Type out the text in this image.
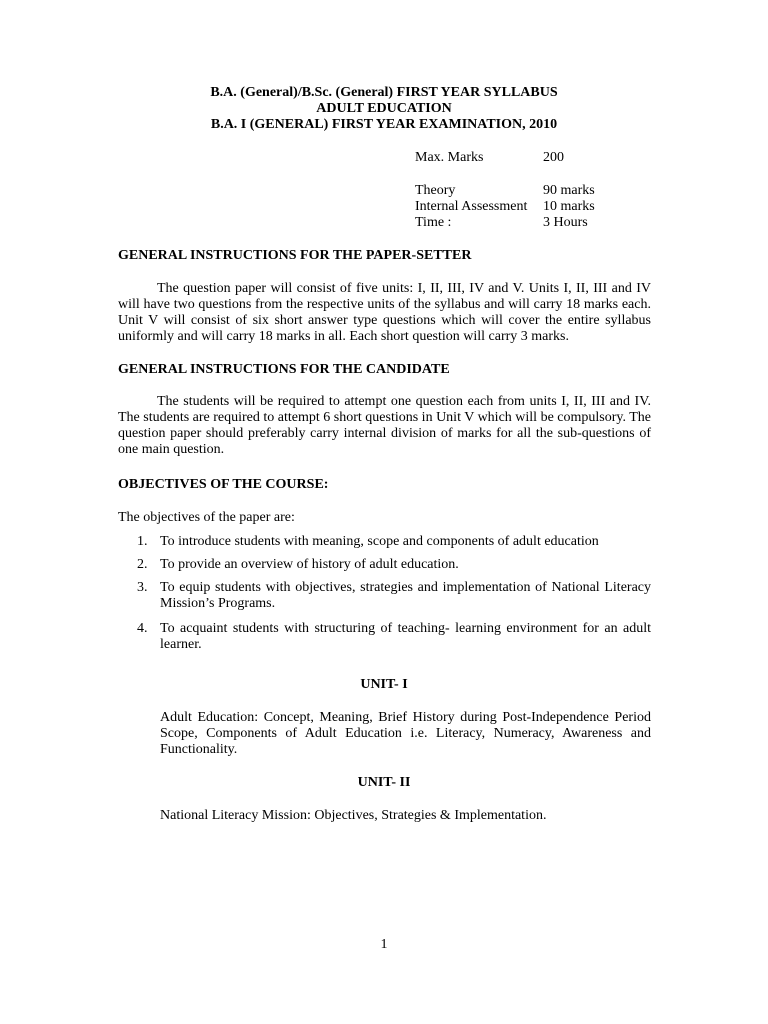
B.A. (General)/B.Sc. (General) FIRST YEAR SYLLABUS
ADULT EDUCATION
B.A. I (GENERAL) FIRST YEAR EXAMINATION, 2010
Max. Marks	200
Theory	90 marks
Internal Assessment 10 marks
Time :	3 Hours
GENERAL INSTRUCTIONS FOR THE PAPER-SETTER
The question paper will consist of five units: I, II, III, IV and V. Units I, II, III and IV will have two questions from the respective units of the syllabus and will carry 18 marks each. Unit V will consist of six short answer type questions which will cover the entire syllabus uniformly and will carry 18 marks in all. Each short question will carry 3 marks.
GENERAL INSTRUCTIONS FOR THE CANDIDATE
The students will be required to attempt one question each from units I, II, III and IV. The students are required to attempt 6 short questions in Unit V which will be compulsory. The question paper should preferably carry internal division of marks for all the sub-questions of one main question.
OBJECTIVES OF THE COURSE:
The objectives of the paper are:
1. To introduce students with meaning, scope and components of adult education
2. To provide an overview of history of adult education.
3. To equip students with objectives, strategies and implementation of National Literacy Mission’s Programs.
4. To acquaint students with structuring of teaching- learning environment for an adult learner.
UNIT- I
Adult Education: Concept, Meaning, Brief History during Post-Independence Period Scope, Components of Adult Education i.e. Literacy, Numeracy, Awareness and Functionality.
UNIT- II
National Literacy Mission: Objectives, Strategies & Implementation.
1
